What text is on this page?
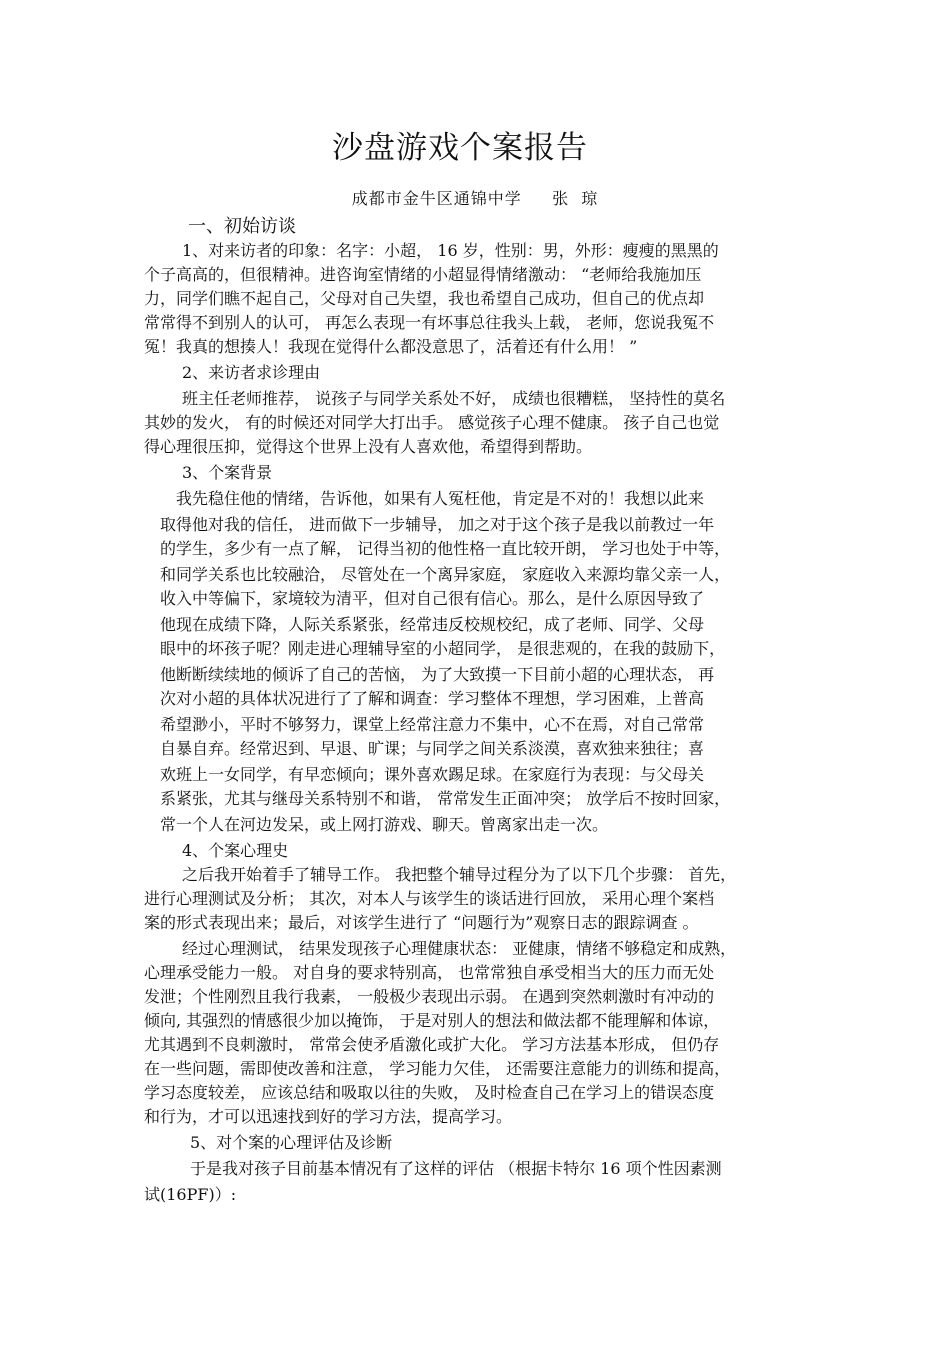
沙盘游戏个案报告
成都市金牛区通锦中学     张  琼
一、初始访谈
1、对来访者的印象：名字：小超， 16 岁，性别：男，外形：瘦瘦的黑黑的
个子高高的，但很精神。进咨询室情绪的小超显得情绪激动： “老师给我施加压
力，同学们瞧不起自己，父母对自己失望，我也希望自己成功，但自己的优点却
常常得不到别人的认可， 再怎么表现一有坏事总往我头上载， 老师，您说我冤不
冤！我真的想揍人！我现在觉得什么都没意思了，活着还有什么用！ ”
2、来访者求诊理由
班主任老师推荐， 说孩子与同学关系处不好， 成绩也很糟糕， 坚持性的莫名
其妙的发火， 有的时候还对同学大打出手。 感觉孩子心理不健康。 孩子自己也觉
得心理很压抑，觉得这个世界上没有人喜欢他，希望得到帮助。
3、个案背景
我先稳住他的情绪，告诉他，如果有人冤枉他，肯定是不对的！我想以此来
取得他对我的信任， 进而做下一步辅导， 加之对于这个孩子是我以前教过一年
的学生，多少有一点了解， 记得当初的他性格一直比较开朗， 学习也处于中等，
和同学关系也比较融洽， 尽管处在一个离异家庭， 家庭收入来源均靠父亲一人，
收入中等偏下，家境较为清平，但对自己很有信心。那么，是什么原因导致了
他现在成绩下降，人际关系紧张，经常违反校规校纪，成了老师、同学、父母
眼中的坏孩子呢？刚走进心理辅导室的小超同学， 是很悲观的，在我的鼓励下，
他断断续续地的倾诉了自己的苦恼， 为了大致摸一下目前小超的心理状态， 再
次对小超的具体状况进行了了解和调查：学习整体不理想，学习困难，上普高
希望渺小，平时不够努力，课堂上经常注意力不集中，心不在焉，对自己常常
自暴自弃。经常迟到、早退、旷课；与同学之间关系淡漠，喜欢独来独往；喜
欢班上一女同学，有早恋倾向；课外喜欢踢足球。在家庭行为表现：与父母关
系紧张，尤其与继母关系特别不和谐， 常常发生正面冲突； 放学后不按时回家，
常一个人在河边发呆，或上网打游戏、聊天。曾离家出走一次。
4、个案心理史
之后我开始着手了辅导工作。 我把整个辅导过程分为了以下几个步骤： 首先，
进行心理测试及分析； 其次，对本人与该学生的谈话进行回放， 采用心理个案档
案的形式表现出来；最后，对该学生进行了 “问题行为”观察日志的跟踪调查 。
经过心理测试， 结果发现孩子心理健康状态： 亚健康，情绪不够稳定和成熟，
心理承受能力一般。 对自身的要求特别高， 也常常独自承受相当大的压力而无处
发泄；个性刚烈且我行我素， 一般极少表现出示弱。 在遇到突然刺激时有冲动的
倾向, 其强烈的情感很少加以掩饰， 于是对别人的想法和做法都不能理解和体谅，
尤其遇到不良刺激时， 常常会使矛盾激化或扩大化。 学习方法基本形成， 但仍存
在一些问题，需即使改善和注意， 学习能力欠佳， 还需要注意能力的训练和提高，
学习态度较差， 应该总结和吸取以往的失败， 及时检查自己在学习上的错误态度
和行为，才可以迅速找到好的学习方法，提高学习。
5、对个案的心理评估及诊断
于是我对孩子目前基本情况有了这样的评估 （根据卡特尔 16 项个性因素测
试(16PF)）:
